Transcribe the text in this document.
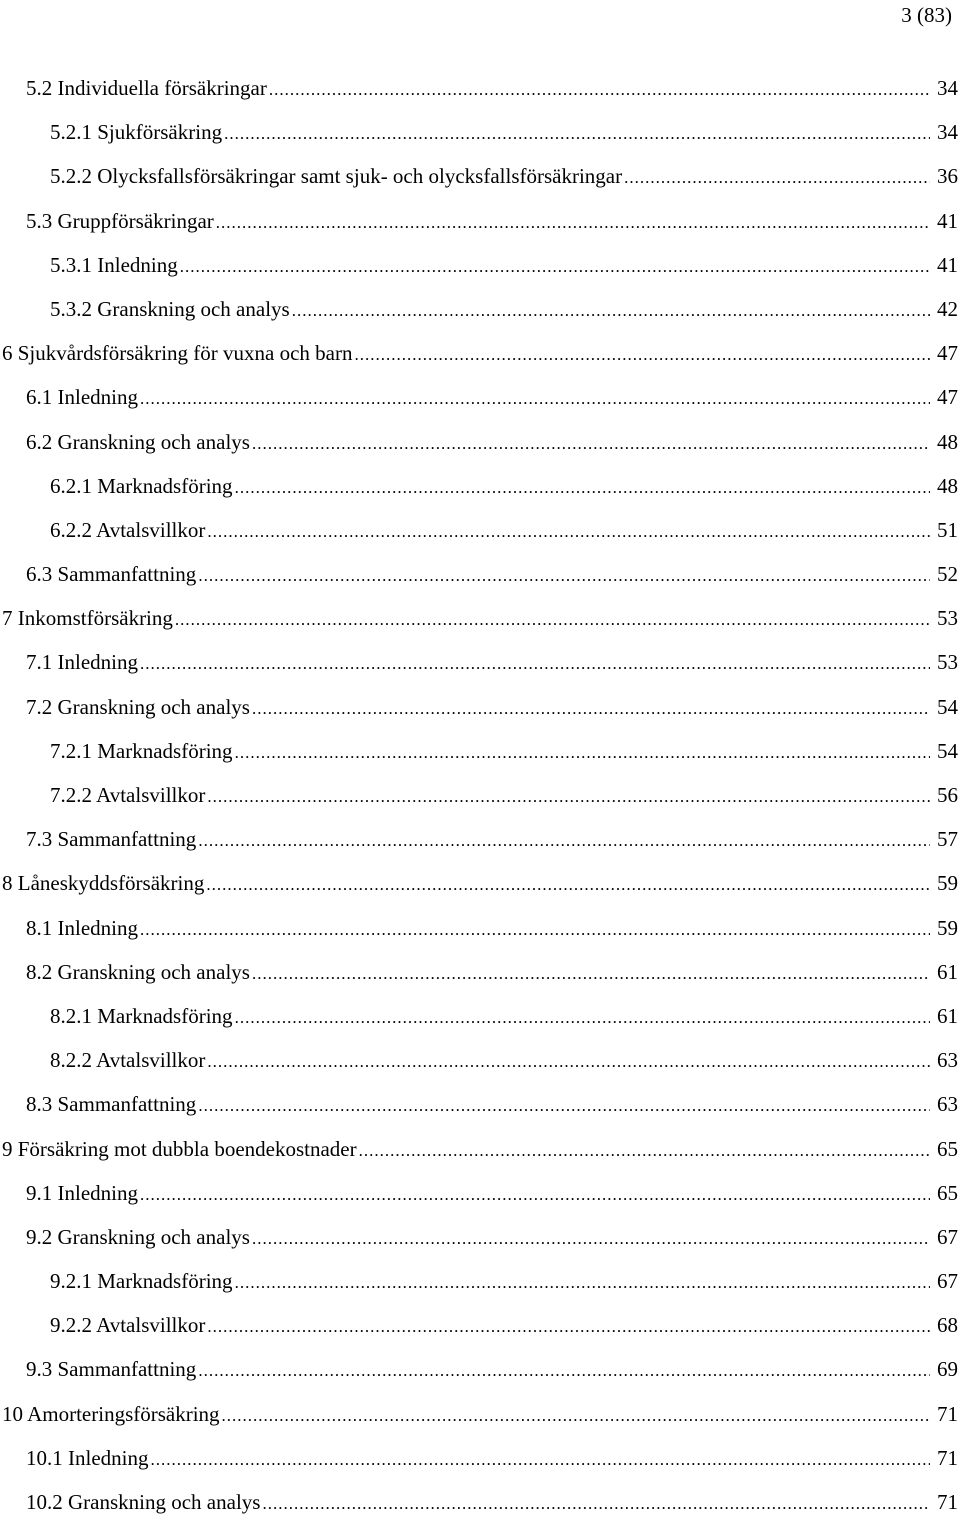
3 (83)
5.2 Individuella försäkringar .....	34
5.2.1 Sjukförsäkring .....	34
5.2.2 Olycksfallsförsäkringar samt sjuk- och olycksfallsförsäkringar .....	36
5.3 Gruppförsäkringar .....	41
5.3.1 Inledning .....	41
5.3.2 Granskning och analys .....	42
6 Sjukvårdsförsäkring för vuxna och barn .....	47
6.1 Inledning .....	47
6.2 Granskning och analys .....	48
6.2.1 Marknadsföring .....	48
6.2.2 Avtalsvillkor .....	51
6.3 Sammanfattning .....	52
7 Inkomstförsäkring .....	53
7.1 Inledning .....	53
7.2 Granskning och analys .....	54
7.2.1 Marknadsföring .....	54
7.2.2 Avtalsvillkor .....	56
7.3 Sammanfattning .....	57
8 Låneskyddsförsäkring .....	59
8.1 Inledning .....	59
8.2 Granskning och analys .....	61
8.2.1 Marknadsföring .....	61
8.2.2 Avtalsvillkor .....	63
8.3 Sammanfattning .....	63
9 Försäkring mot dubbla boendekostnader .....	65
9.1 Inledning .....	65
9.2 Granskning och analys .....	67
9.2.1 Marknadsföring .....	67
9.2.2 Avtalsvillkor .....	68
9.3 Sammanfattning .....	69
10 Amorteringsförsäkring .....	71
10.1 Inledning .....	71
10.2 Granskning och analys .....	71
